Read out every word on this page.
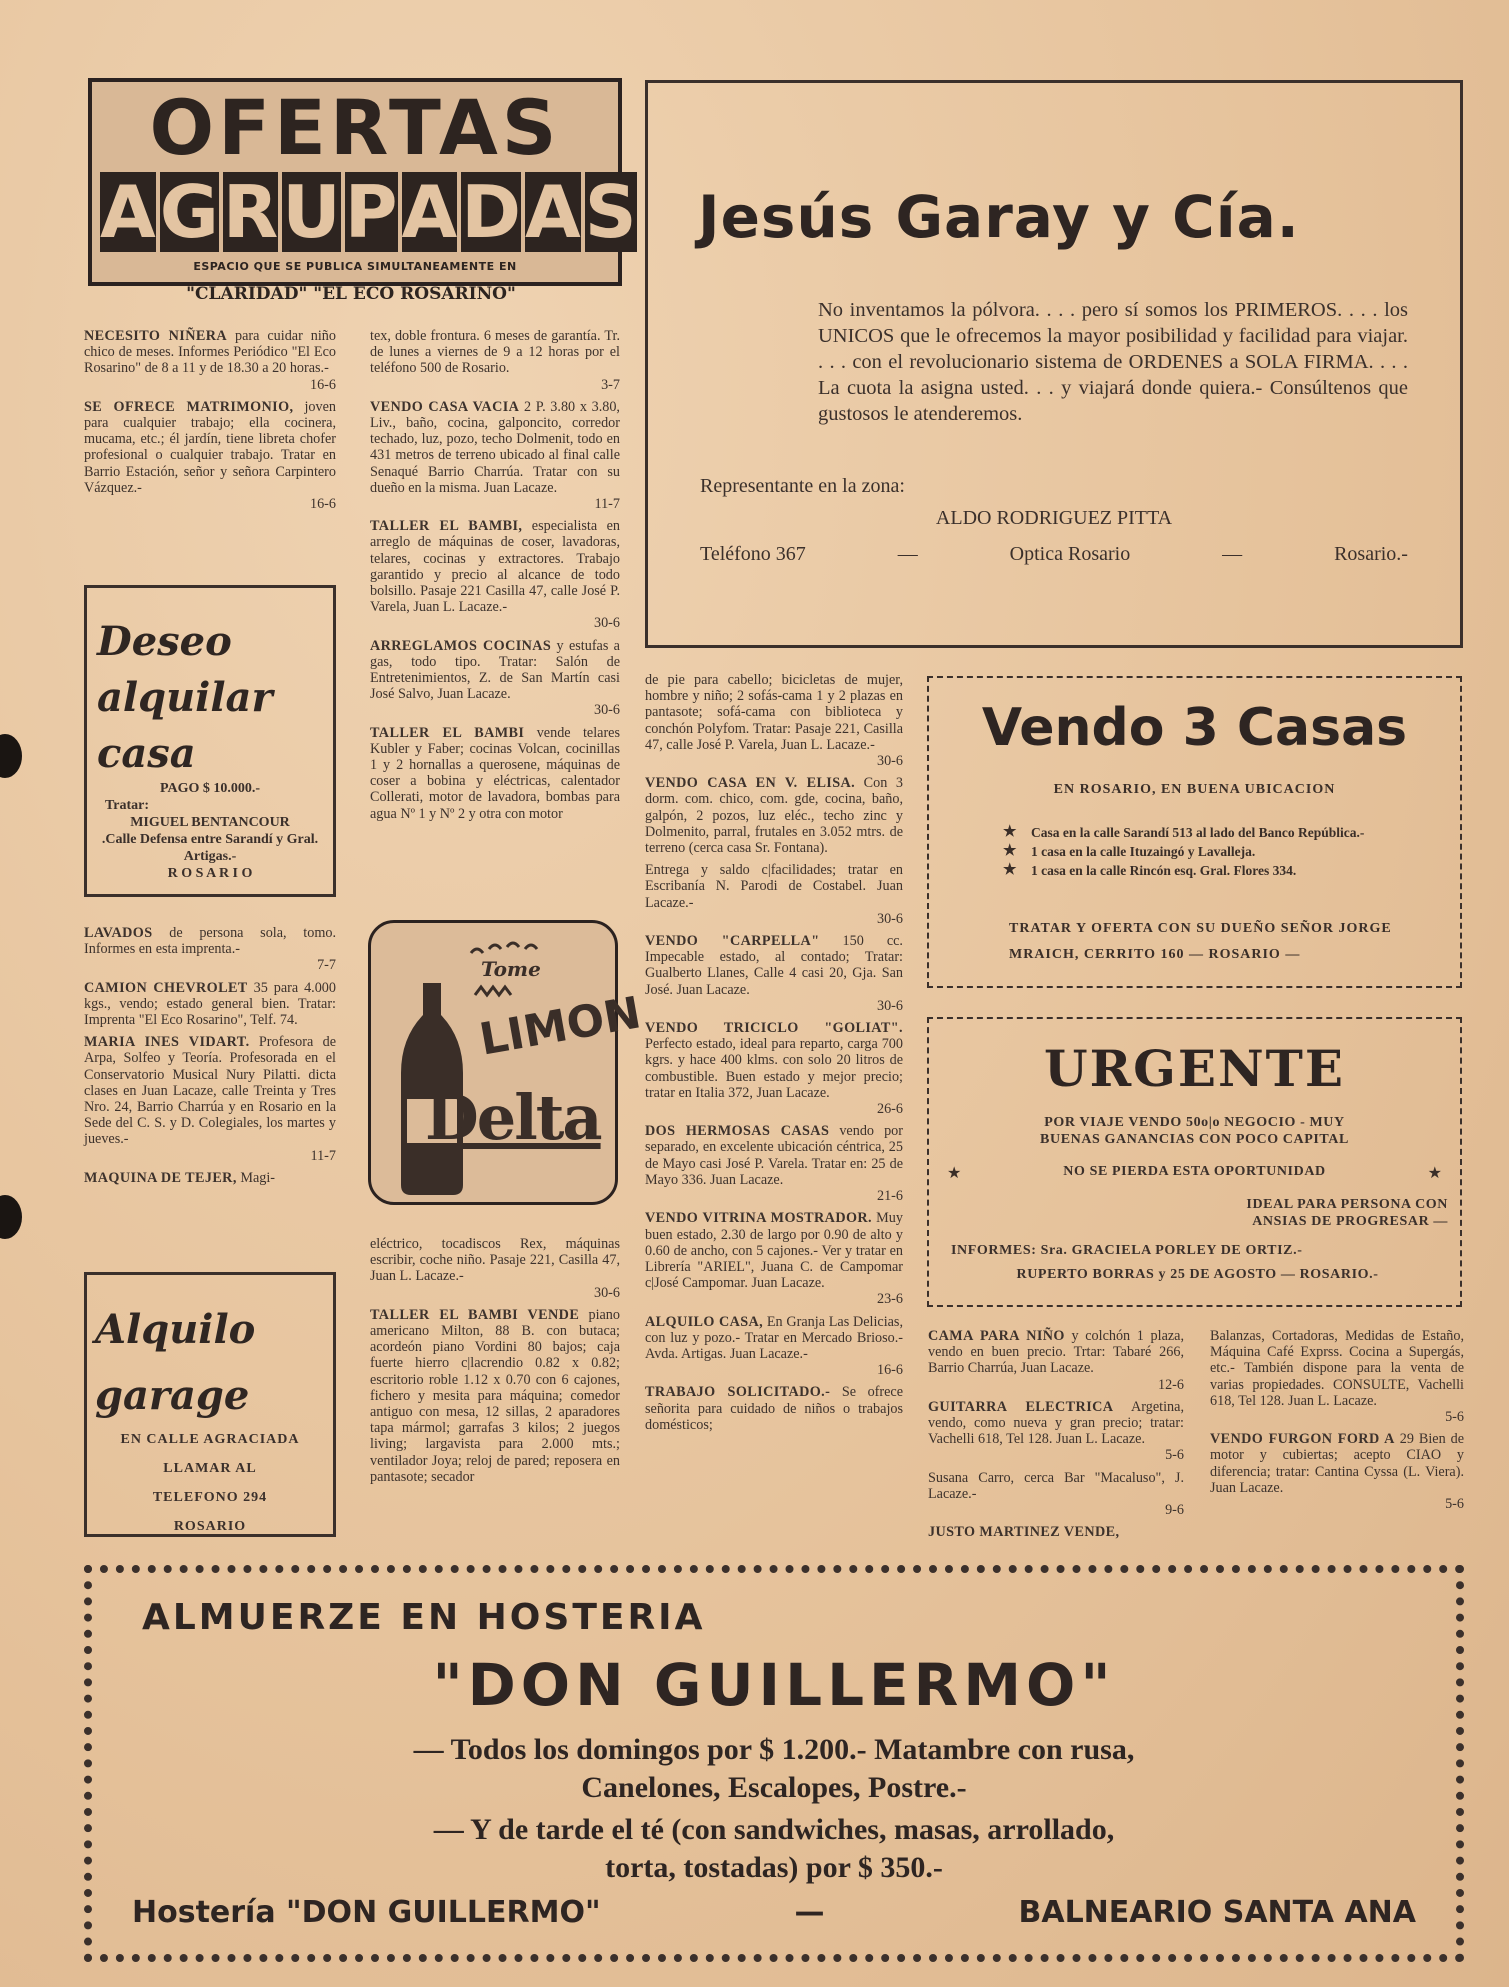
OFERTAS
A G R U P A D A S
ESPACIO QUE SE PUBLICA SIMULTANEAMENTE EN
"CLARIDAD" "EL ECO ROSARINO"
Jesús Garay y Cía.
No inventamos la pólvora. . . . pero sí somos los PRIMEROS. . . . los UNICOS que le ofrecemos la mayor posibilidad y facilidad para viajar. . . . con el revolucionario sistema de ORDENES a SOLA FIRMA. . . . La cuota la asigna usted. . . y viajará donde quiera.- Consúltenos que gustosos le atenderemos.
Representante en la zona:
ALDO RODRIGUEZ PITTA
Teléfono 367	—	Optica Rosario	—	Rosario.-

NECESITO NIÑERA para cuidar niño chico de meses. Informes Periódico "El Eco Rosarino" de 8 a 11 y de 18.30 a 20 horas.-
16-6

SE OFRECE MATRIMONIO, joven para cualquier trabajo; ella cocinera, mucama, etc.; él jardín, tiene libreta chofer profesional o cualquier trabajo. Tratar en Barrio Estación, señor y señora Carpintero Vázquez.-
16-6

Deseo
alquilar
casa
PAGO $ 10.000.-
Tratar:
MIGUEL BENTANCOUR
.Calle Defensa entre Sarandí y Gral. Artigas.-
R O S A R I O

LAVADOS de persona sola, tomo. Informes en esta imprenta.-
7-7

CAMION CHEVROLET 35 para 4.000 kgs., vendo; estado general bien. Tratar: Imprenta "El Eco Rosarino", Telf. 74.

MARIA INES VIDART. Profesora de Arpa, Solfeo y Teoría. Profesorada en el Conservatorio Musical Nury Pilatti. dicta clases en Juan Lacaze, calle Treinta y Tres Nro. 24, Barrio Charrúa y en Rosario en la Sede del C. S. y D. Colegiales, los martes y jueves.-
11-7

MAQUINA DE TEJER, Magi-

Alquilo
garage
EN CALLE AGRACIADA
LLAMAR AL
TELEFONO 294
ROSARIO

tex, doble frontura. 6 meses de garantía. Tr. de lunes a viernes de 9 a 12 horas por el teléfono 500 de Rosario.
3-7

VENDO CASA VACIA 2 P. 3.80 x 3.80, Liv., baño, cocina, galponcito, corredor techado, luz, pozo, techo Dolmenit, todo en 431 metros de terreno ubicado al final calle Senaqué Barrio Charrúa. Tratar con su dueño en la misma. Juan Lacaze.
11-7

TALLER EL BAMBI, especialista en arreglo de máquinas de coser, lavadoras, telares, cocinas y extractores. Trabajo garantido y precio al alcance de todo bolsillo. Pasaje 221 Casilla 47, calle José P. Varela, Juan L. Lacaze.-
30-6

ARREGLAMOS COCINAS y estufas a gas, todo tipo. Tratar: Salón de Entretenimientos, Z. de San Martín casi José Salvo, Juan Lacaze.
30-6

TALLER EL BAMBI vende telares Kubler y Faber; cocinas Volcan, cocinillas 1 y 2 hornallas a querosene, máquinas de coser a bobina y eléctricas, calentador Collerati, motor de lavadora, bombas para agua Nº 1 y Nº 2 y otra con motor

Tome
LIMON
Delta

eléctrico, tocadiscos Rex, máquinas escribir, coche niño. Pasaje 221, Casilla 47, Juan L. Lacaze.-
30-6

TALLER EL BAMBI VENDE piano americano Milton, 88 B. con butaca; acordeón piano Vordini 80 bajos; caja fuerte hierro c|lacrendio 0.82 x 0.82; escritorio roble 1.12 x 0.70 con 6 cajones, fichero y mesita para máquina; comedor antiguo con mesa, 12 sillas, 2 aparadores tapa mármol; garrafas 3 kilos; 2 juegos living; largavista para 2.000 mts.; ventilador Joya; reloj de pared; reposera en pantasote; secador

de pie para cabello; bicicletas de mujer, hombre y niño; 2 sofás-cama 1 y 2 plazas en pantasote; sofá-cama con biblioteca y conchón Polyfom. Tratar: Pasaje 221, Casilla 47, calle José P. Varela, Juan L. Lacaze.-
30-6

VENDO CASA EN V. ELISA. Con 3 dorm. com. chico, com. gde, cocina, baño, galpón, 2 pozos, luz eléc., techo zinc y Dolmenito, parral, frutales en 3.052 mtrs. de terreno (cerca casa Sr. Fontana).

Entrega y saldo c|facilidades; tratar en Escribanía N. Parodi de Costabel. Juan Lacaze.-
30-6

VENDO "CARPELLA" 150 cc. Impecable estado, al contado; Tratar: Gualberto Llanes, Calle 4 casi 20, Gja. San José. Juan Lacaze.
30-6

VENDO TRICICLO "GOLIAT". Perfecto estado, ideal para reparto, carga 700 kgrs. y hace 400 klms. con solo 20 litros de combustible. Buen estado y mejor precio; tratar en Italia 372, Juan Lacaze.
26-6

DOS HERMOSAS CASAS vendo por separado, en excelente ubicación céntrica, 25 de Mayo casi José P. Varela. Tratar en: 25 de Mayo 336. Juan Lacaze.
21-6

VENDO VITRINA MOSTRADOR. Muy buen estado, 2.30 de largo por 0.90 de alto y 0.60 de ancho, con 5 cajones.- Ver y tratar en Librería "ARIEL", Juana C. de Campomar c|José Campomar. Juan Lacaze.
23-6

ALQUILO CASA, En Granja Las Delicias, con luz y pozo.- Tratar en Mercado Brioso.- Avda. Artigas. Juan Lacaze.-
16-6

TRABAJO SOLICITADO.- Se ofrece señorita para cuidado de niños o trabajos domésticos;

Vendo 3 Casas
EN ROSARIO, EN BUENA UBICACION
★ Casa en la calle Sarandí 513 al lado del Banco República.-
★ 1 casa en la calle Ituzaingó y Lavalleja.
★ 1 casa en la calle Rincón esq. Gral. Flores 334.
TRATAR Y OFERTA CON SU DUEÑO SEÑOR JORGE MRAICH, CERRITO 160 — ROSARIO —
URGENTE
POR VIAJE VENDO 50o|o NEGOCIO - MUY
BUENAS GANANCIAS CON POCO CAPITAL
NO SE PIERDA ESTA OPORTUNIDAD
★	★
IDEAL PARA PERSONA CON
ANSIAS DE PROGRESAR —
INFORMES: Sra. GRACIELA PORLEY DE ORTIZ.-
RUPERTO BORRAS y 25 DE AGOSTO — ROSARIO.-

CAMA PARA NIÑO y colchón 1 plaza, vendo en buen precio. Trtar: Tabaré 266, Barrio Charrúa, Juan Lacaze.
12-6

GUITARRA ELECTRICA Argetina, vendo, como nueva y gran precio; tratar: Vachelli 618, Tel 128. Juan L. Lacaze.
5-6

Susana Carro, cerca Bar "Macaluso", J. Lacaze.-
9-6

JUSTO MARTINEZ VENDE,

Balanzas, Cortadoras, Medidas de Estaño, Máquina Café Exprss. Cocina a Supergás, etc.- También dispone para la venta de varias propiedades. CONSULTE, Vachelli 618, Tel 128. Juan L. Lacaze.
5-6

VENDO FURGON FORD A 29 Bien de motor y cubiertas; acepto CIAO y diferencia; tratar: Cantina Cyssa (L. Viera). Juan Lacaze.
5-6

ALMUERZE EN HOSTERIA
"DON GUILLERMO"
— Todos los domingos por $ 1.200.- Matambre con rusa,
Canelones, Escalopes, Postre.-
— Y de tarde el té (con sandwiches, masas, arrollado,
torta, tostadas) por $ 350.-
Hostería "DON GUILLERMO"	—	BALNEARIO SANTA ANA
